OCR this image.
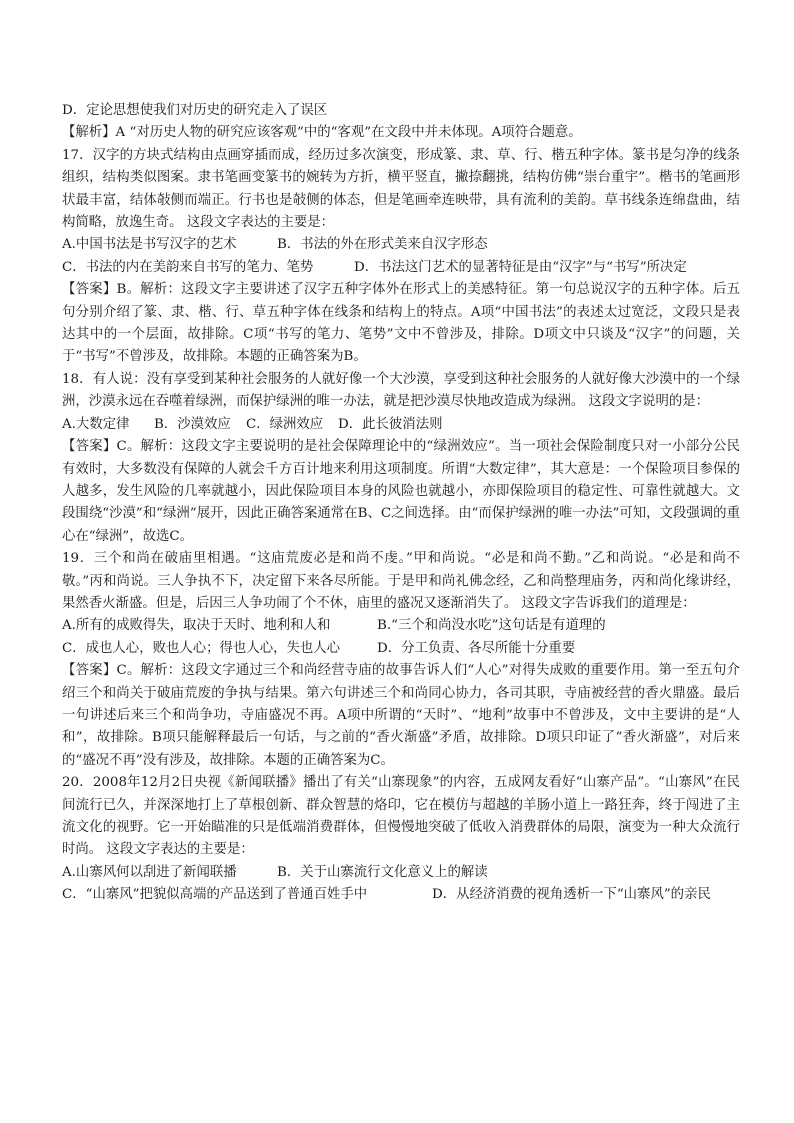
D．定论思想使我们对历史的研究走入了误区

【解析】A “对历史人物的研究应该客观”中的“客观”在文段中并未体现。A项符合题意。

17．汉字的方块式结构由点画穿插而成，经历过多次演变，形成篆、隶、草、行、楷五种字体。篆书是匀净的线条组织，结构类似图案。隶书笔画变篆书的婉转为方折，横平竖直，撇捺翻挑，结构仿佛“崇台重宇”。楷书的笔画形状最丰富，结体敧侧而端正。行书也是敧侧的体态，但是笔画牵连映带，具有流利的美韵。草书线条连绵盘曲，结构简略，放逸生奇。 这段文字表达的主要是：

A.中国书法是书写汉字的艺术	B．书法的外在形式美来自汉字形态
C．书法的内在美韵来自书写的笔力、笔势	D．书法这门艺术的显著特征是由“汉字”与“书写”所决定

【答案】B。解析：这段文字主要讲述了汉字五种字体外在形式上的美感特征。第一句总说汉字的五种字体。后五句分别介绍了篆、隶、楷、行、草五种字体在线条和结构上的特点。A项“中国书法”的表述太过宽泛，文段只是表达其中的一个层面，故排除。C项“书写的笔力、笔势”文中不曾涉及，排除。D项文中只谈及“汉字”的问题，关于“书写”不曾涉及，故排除。本题的正确答案为B。

18．有人说：没有享受到某种社会服务的人就好像一个大沙漠，享受到这种社会服务的人就好像大沙漠中的一个绿洲，沙漠永远在吞噬着绿洲，而保护绿洲的唯一办法，就是把沙漠尽快地改造成为绿洲。 这段文字说明的是：

A.大数定律	B．沙漠效应	C．绿洲效应	D．此长彼消法则

【答案】C。解析：这段文字主要说明的是社会保障理论中的“绿洲效应”。当一项社会保险制度只对一小部分公民有效时，大多数没有保障的人就会千方百计地来利用这项制度。所谓“大数定律”，其大意是：一个保险项目参保的人越多，发生风险的几率就越小，因此保险项目本身的风险也就越小，亦即保险项目的稳定性、可靠性就越大。文段围绕“沙漠”和“绿洲”展开，因此正确答案通常在B、C之间选择。由“而保护绿洲的唯一办法”可知，文段强调的重心在“绿洲”，故选C。

19．三个和尚在破庙里相遇。“这庙荒废必是和尚不虔。”甲和尚说。“必是和尚不勤。”乙和尚说。“必是和尚不敬。”丙和尚说。三人争执不下，决定留下来各尽所能。于是甲和尚礼佛念经，乙和尚整理庙务，丙和尚化缘讲经，果然香火渐盛。但是，后因三人争功闹了个不休，庙里的盛况又逐渐消失了。 这段文字告诉我们的道理是：

A.所有的成败得失，取决于天时、地利和人和	B.“三个和尚没水吃”这句话是有道理的
C．成也人心，败也人心；得也人心，失也人心	D．分工负责、各尽所能十分重要

【答案】C。解析：这段文字通过三个和尚经营寺庙的故事告诉人们“人心”对得失成败的重要作用。第一至五句介绍三个和尚关于破庙荒废的争执与结果。第六句讲述三个和尚同心协力，各司其职，寺庙被经营的香火鼎盛。最后一句讲述后来三个和尚争功，寺庙盛况不再。A项中所谓的“天时”、“地利”故事中不曾涉及，文中主要讲的是“人和”，故排除。B项只能解释最后一句话，与之前的“香火渐盛”矛盾，故排除。D项只印证了“香火渐盛”，对后来的“盛况不再”没有涉及，故排除。本题的正确答案为C。

20．2008年12月2日央视《新闻联播》播出了有关“山寨现象”的内容，五成网友看好“山寨产品”。“山寨风”在民间流行已久，并深深地打上了草根创新、群众智慧的烙印，它在模仿与超越的羊肠小道上一路狂奔，终于闯进了主流文化的视野。它一开始瞄准的只是低端消费群体，但慢慢地突破了低收入消费群体的局限，演变为一种大众流行时尚。 这段文字表达的主要是：

A.山寨风何以刮进了新闻联播	B．关于山寨流行文化意义上的解读
C．“山寨风”把貌似高端的产品送到了普通百姓手中	D．从经济消费的视角透析一下“山寨风”的亲民
